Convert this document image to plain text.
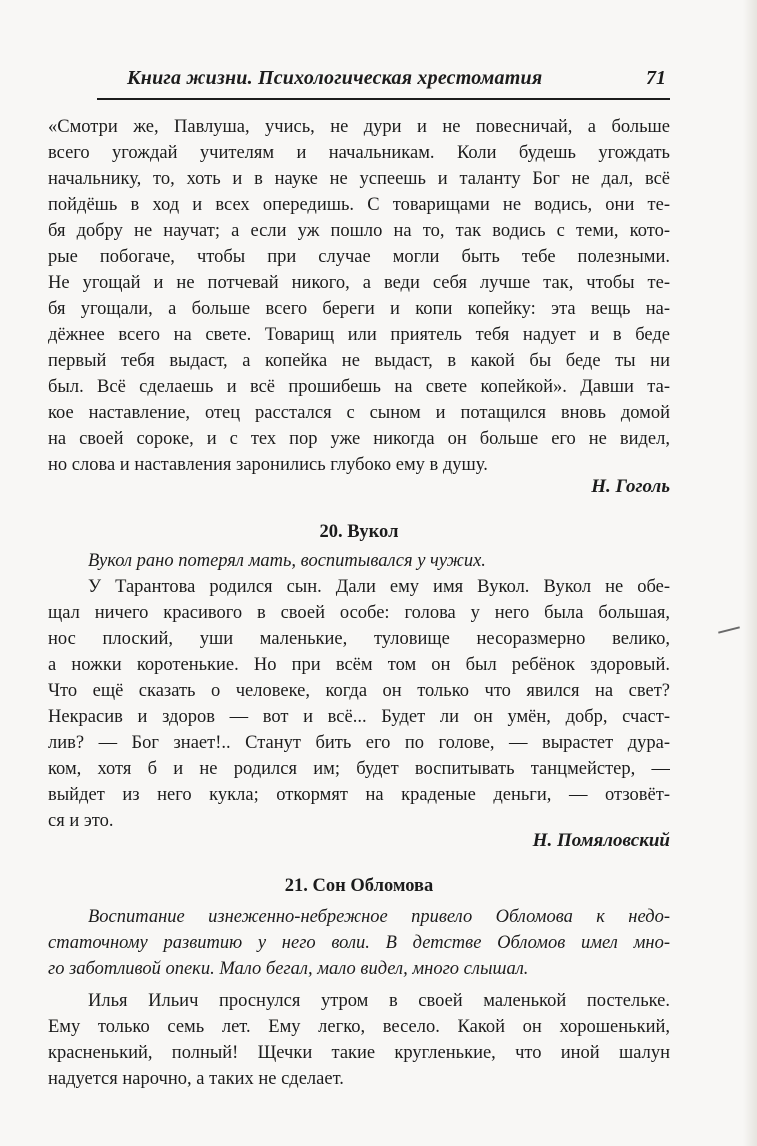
Книга жизни. Психологическая хрестоматия	71
«Смотри же, Павлуша, учись, не дури и не повесничай, а больше
всего угождай учителям и начальникам. Коли будешь угождать
начальнику, то, хоть и в науке не успеешь и таланту Бог не дал, всё
пойдёшь в ход и всех опередишь. С товарищами не водись, они те-
бя добру не научат; а если уж пошло на то, так водись с теми, кото-
рые побогаче, чтобы при случае могли быть тебе полезными.
Не угощай и не потчевай никого, а веди себя лучше так, чтобы те-
бя угощали, а больше всего береги и копи копейку: эта вещь на-
дёжнее всего на свете. Товарищ или приятель тебя надует и в беде
первый тебя выдаст, а копейка не выдаст, в какой бы беде ты ни
был. Всё сделаешь и всё прошибешь на свете копейкой». Давши та-
кое наставление, отец расстался с сыном и потащился вновь домой
на своей сороке, и с тех пор уже никогда он больше его не видел,
но слова и наставления заронились глубоко ему в душу.
Н. Гоголь
20. Вукол
Вукол рано потерял мать, воспитывался у чужих.
У Тарантова родился сын. Дали ему имя Вукол. Вукол не обе-
щал ничего красивого в своей особе: голова у него была большая,
нос плоский, уши маленькие, туловище несоразмерно велико,
а ножки коротенькие. Но при всём том он был ребёнок здоровый.
Что ещё сказать о человеке, когда он только что явился на свет?
Некрасив и здоров — вот и всё... Будет ли он умён, добр, счаст-
лив? — Бог знает!.. Станут бить его по голове, — вырастет дура-
ком, хотя б и не родился им; будет воспитывать танцмейстер, —
выйдет из него кукла; откормят на краденые деньги, — отзовёт-
ся и это.
Н. Помяловский
21. Сон Обломова
Воспитание изнеженно-небрежное привело Обломова к недо-
статочному развитию у него воли. В детстве Обломов имел мно-
го заботливой опеки. Мало бегал, мало видел, много слышал.
Илья Ильич проснулся утром в своей маленькой постельке.
Ему только семь лет. Ему легко, весело. Какой он хорошенький,
красненький, полный! Щечки такие кругленькие, что иной шалун
надуется нарочно, а таких не сделает.
